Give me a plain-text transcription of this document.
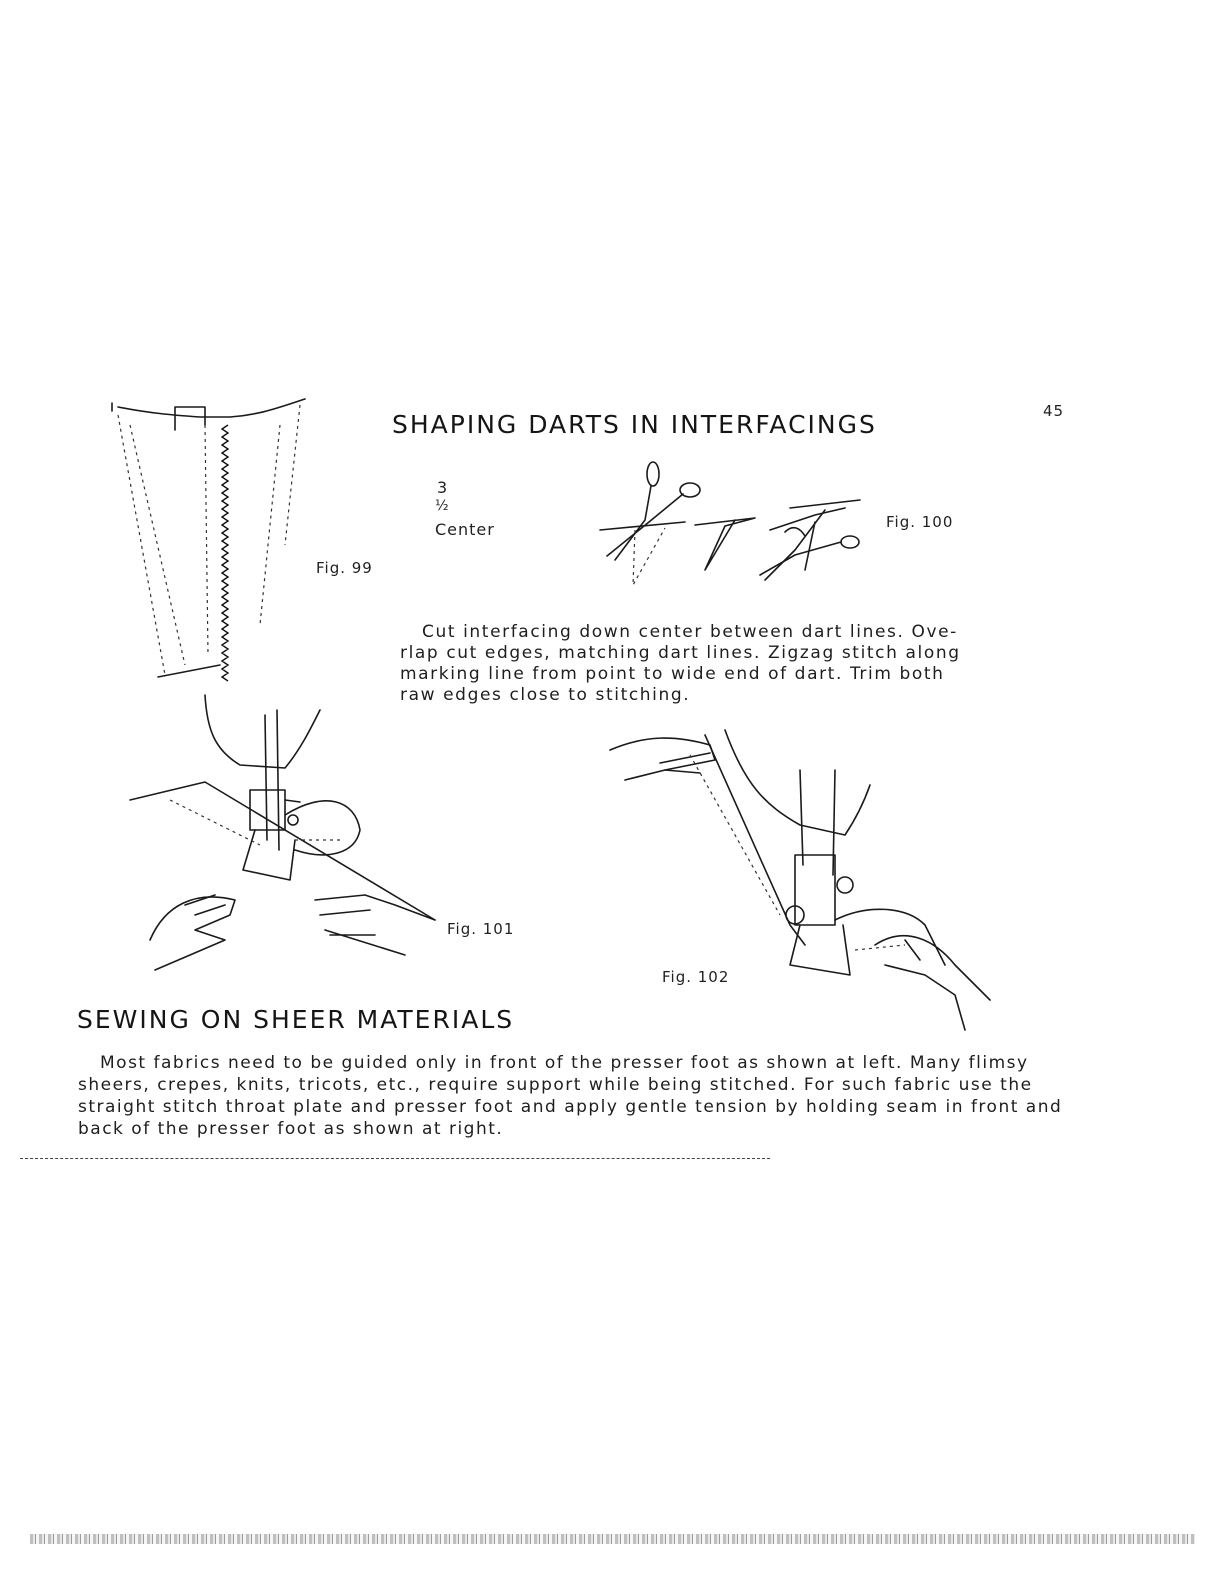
45
SHAPING DARTS IN INTERFACINGS
Fig. 99
3
½
Center	Fig. 100
Cut interfacing down center between dart lines. Ove-
rlap cut edges, matching dart lines. Zigzag stitch along
marking line from point to wide end of dart. Trim both
raw edges close to stitching.
Fig. 101
Fig. 102
SEWING ON SHEER MATERIALS
Most fabrics need to be guided only in front of the presser foot as shown at left. Many flimsy
sheers, crepes, knits, tricots, etc., require support while being stitched. For such fabric use the
straight stitch throat plate and presser foot and apply gentle tension by holding seam in front and
back of the presser foot as shown at right.
